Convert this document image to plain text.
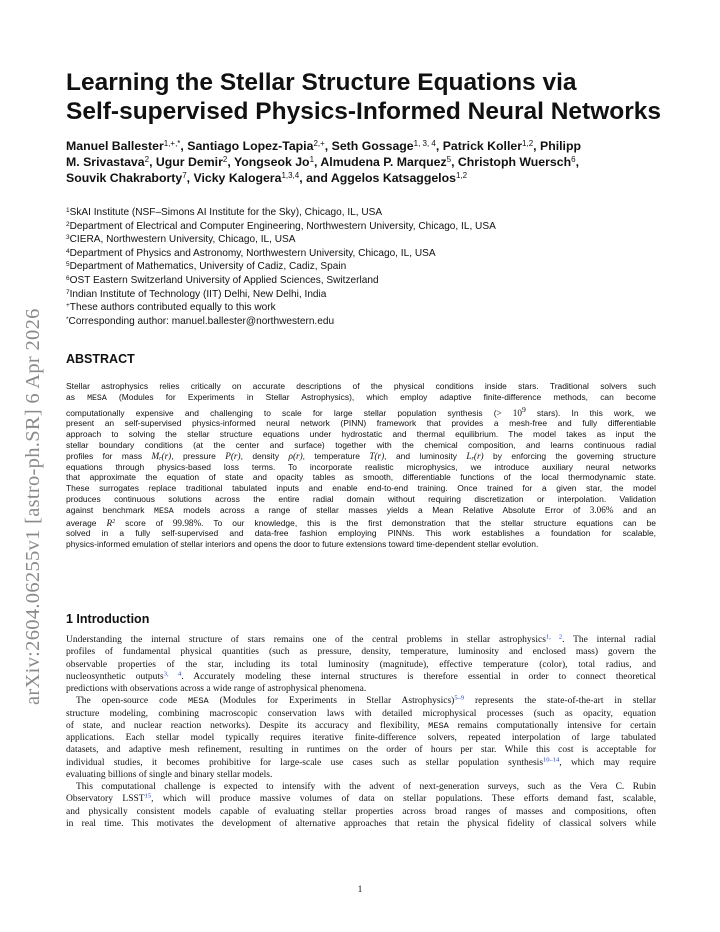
arXiv:2604.06255v1 [astro-ph.SR] 6 Apr 2026
Learning the Stellar Structure Equations via
Self-supervised Physics-Informed Neural Networks
Manuel Ballester$^{1,+,*}$, Santiago Lopez-Tapia$^{2,+}$, Seth Gossage$^{1, 3, 4}$, Patrick Koller$^{1,2}$, Philipp
M. Srivastava$^2$, Ugur Demir$^2$, Yongseok Jo$^1$, Almudena P. Marquez$^5$, Christoph Wuersch$^6$,
Souvik Chakraborty$^7$, Vicky Kalogera$^{1,3,4}$, and Aggelos Katsaggelos$^{1,2}$
$^1$SkAI Institute (NSF–Simons AI Institute for the Sky), Chicago, IL, USA
$^2$Department of Electrical and Computer Engineering, Northwestern University, Chicago, IL, USA
$^3$CIERA, Northwestern University, Chicago, IL, USA
$^4$Department of Physics and Astronomy, Northwestern University, Chicago, IL, USA
$^5$Department of Mathematics, University of Cadiz, Cadiz, Spain
$^6$OST Eastern Switzerland University of Applied Sciences, Switzerland
$^7$Indian Institute of Technology (IIT) Delhi, New Delhi, India
+These authors contributed equally to this work
*Corresponding author: manuel.ballester@northwestern.edu
ABSTRACT
Stellar astrophysics relies critically on accurate descriptions of the physical conditions inside stars. Traditional solvers such
as MESA (Modules for Experiments in Stellar Astrophysics), which employ adaptive finite-difference methods, can become
computationally expensive and challenging to scale for large stellar population synthesis (> $10^9$ stars). In this work, we
present an self-supervised physics-informed neural network (PINN) framework that provides a mesh-free and fully differentiable
approach to solving the stellar structure equations under hydrostatic and thermal equilibrium. The model takes as input the
stellar boundary conditions (at the center and surface) together with the chemical composition, and learns continuous radial
profiles for mass $M_r(r)$, pressure P(r), density ρ(r), temperature T(r), and luminosity $L_r(r)$ by enforcing the governing structure
equations through physics-based loss terms. To incorporate realistic microphysics, we introduce auxiliary neural networks
that approximate the equation of state and opacity tables as smooth, differentiable functions of the local thermodynamic state.
These surrogates replace traditional tabulated inputs and enable end-to-end training. Once trained for a given star, the model
produces continuous solutions across the entire radial domain without requiring discretization or interpolation. Validation
against benchmark MESA models across a range of stellar masses yields a Mean Relative Absolute Error of 3.06% and an
average $R^2$ score of 99.98%. To our knowledge, this is the first demonstration that the stellar structure equations can be
solved in a fully self-supervised and data-free fashion employing PINNs. This work establishes a foundation for scalable,
physics-informed emulation of stellar interiors and opens the door to future extensions toward time-dependent stellar evolution.
1 Introduction
Understanding the internal structure of stars remains one of the central problems in stellar astrophysics$^{1, 2}$. The internal radial
profiles of fundamental physical quantities (such as pressure, density, temperature, luminosity and enclosed mass) govern the
observable properties of the star, including its total luminosity (magnitude), effective temperature (color), total radius, and
nucleosynthetic outputs$^{3, 4}$. Accurately modeling these internal structures is therefore essential in order to connect theoretical
predictions with observations across a wide range of astrophysical phenomena.
The open-source code MESA (Modules for Experiments in Stellar Astrophysics)$^{5-9}$ represents the state-of-the-art in stellar
structure modeling, combining macroscopic conservation laws with detailed microphysical processes (such as opacity, equation
of state, and nuclear reaction networks). Despite its accuracy and flexibility, MESA remains computationally intensive for certain
applications. Each stellar model typically requires iterative finite-difference solvers, repeated interpolation of large tabulated
datasets, and adaptive mesh refinement, resulting in runtimes on the order of hours per star. While this cost is acceptable for
individual studies, it becomes prohibitive for large-scale use cases such as stellar population synthesis$^{10-14}$, which may require
evaluating billions of single and binary stellar models.
This computational challenge is expected to intensify with the advent of next-generation surveys, such as the Vera C. Rubin
Observatory LSST$^{15}$, which will produce massive volumes of data on stellar populations. These efforts demand fast, scalable,
and physically consistent models capable of evaluating stellar properties across broad ranges of masses and compositions, often
in real time. This motivates the development of alternative approaches that retain the physical fidelity of classical solvers while
1
